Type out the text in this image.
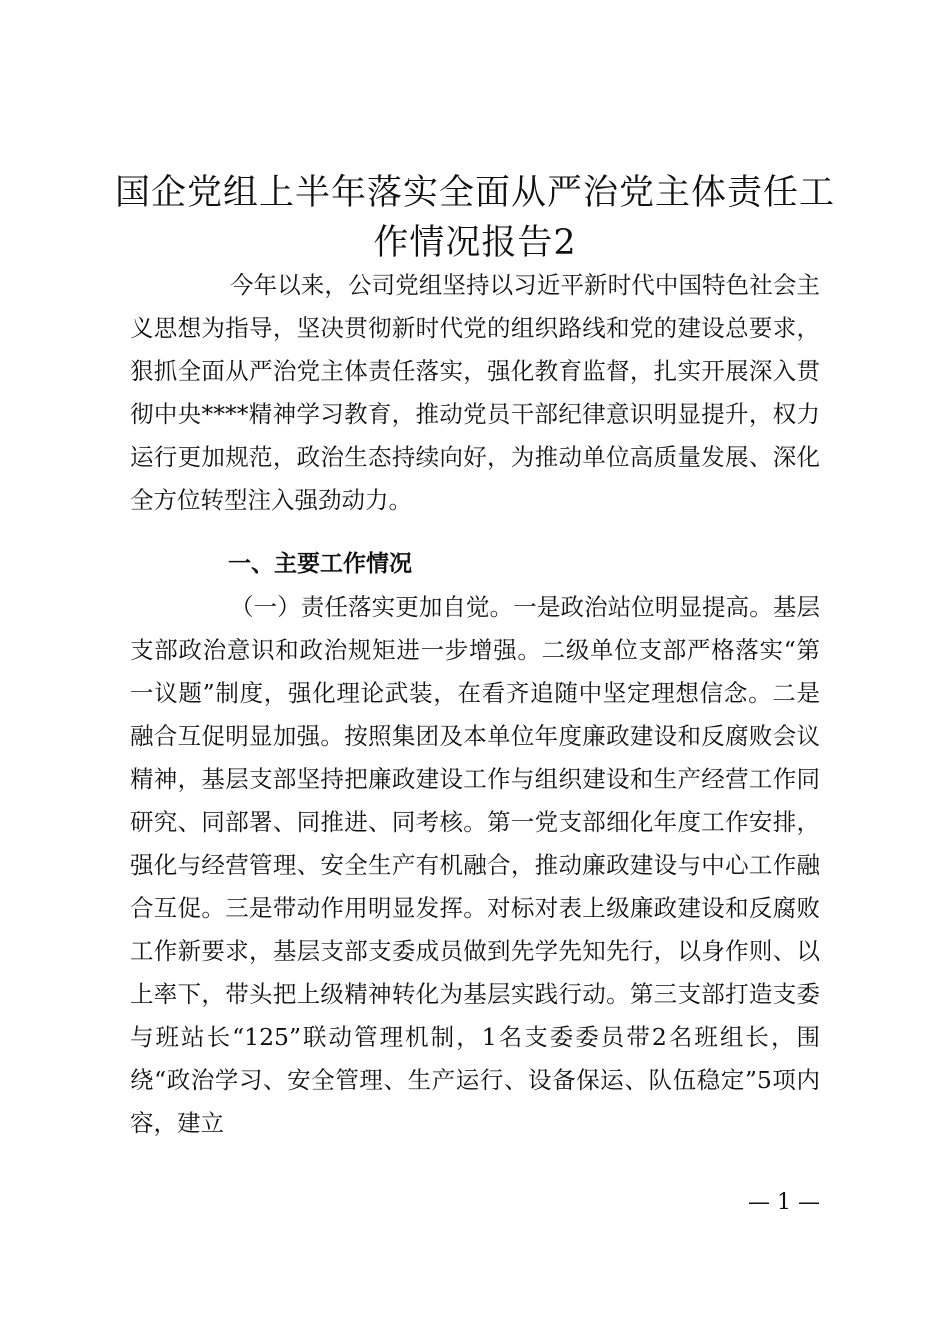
国企党组上半年落实全面从严治党主体责任工作情况报告2

今年以来，公司党组坚持以习近平新时代中国特色社会主义思想为指导，坚决贯彻新时代党的组织路线和党的建设总要求，狠抓全面从严治党主体责任落实，强化教育监督，扎实开展深入贯彻中央****精神学习教育，推动党员干部纪律意识明显提升，权力运行更加规范，政治生态持续向好，为推动单位高质量发展、深化全方位转型注入强劲动力。

一、主要工作情况

（一）责任落实更加自觉。一是政治站位明显提高。基层支部政治意识和政治规矩进一步增强。二级单位支部严格落实“第一议题”制度，强化理论武装，在看齐追随中坚定理想信念。二是融合互促明显加强。按照集团及本单位年度廉政建设和反腐败会议精神，基层支部坚持把廉政建设工作与组织建设和生产经营工作同研究、同部署、同推进、同考核。第一党支部细化年度工作安排，强化与经营管理、安全生产有机融合，推动廉政建设与中心工作融合互促。三是带动作用明显发挥。对标对表上级廉政建设和反腐败工作新要求，基层支部支委成员做到先学先知先行，以身作则、以上率下，带头把上级精神转化为基层实践行动。第三支部打造支委与班站长“125”联动管理机制，1名支委委员带2名班组长，围绕“政治学习、安全管理、生产运行、设备保运、队伍稳定”5项内容，建立

— 1 —
